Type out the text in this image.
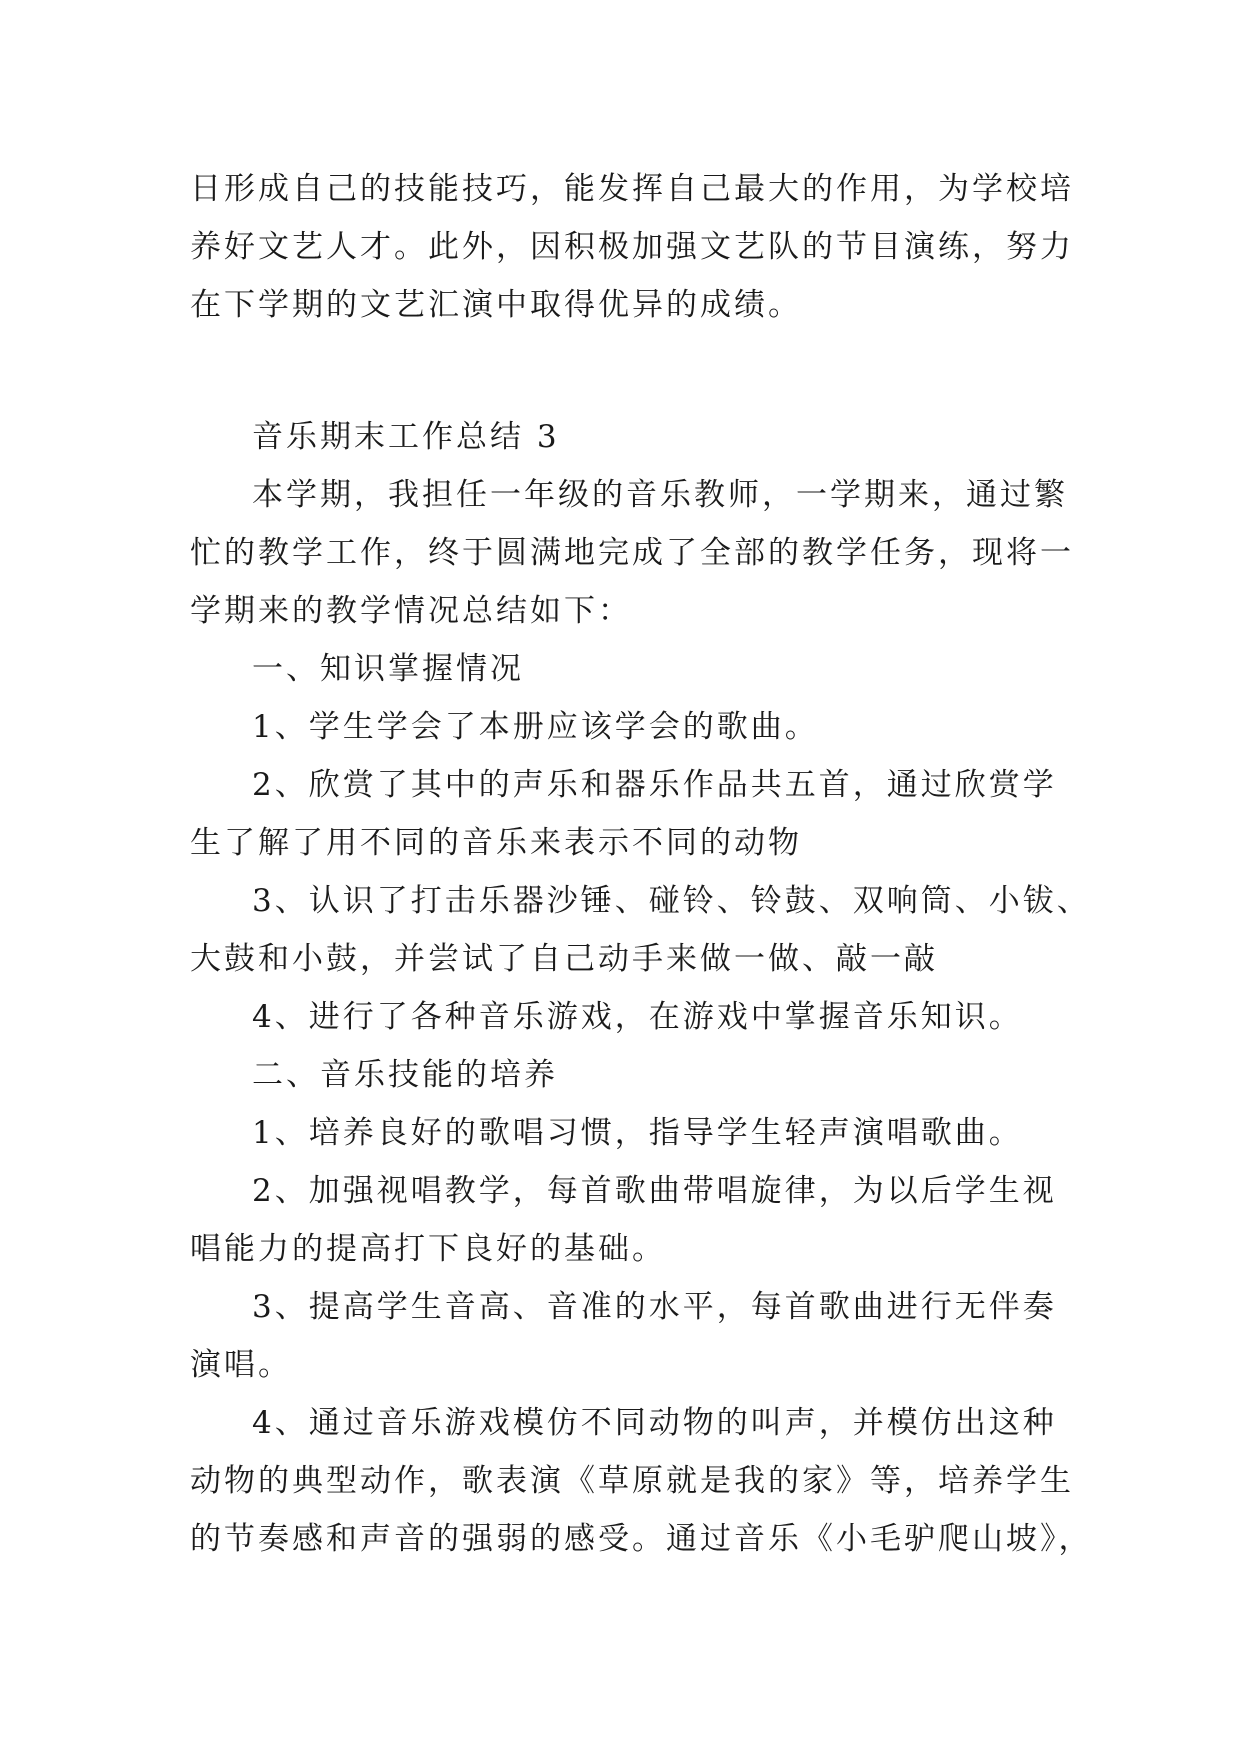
日形成自己的技能技巧，能发挥自己最大的作用，为学校培
养好文艺人才。此外，因积极加强文艺队的节目演练，努力
在下学期的文艺汇演中取得优异的成绩。
音乐期末工作总结 3
本学期，我担任一年级的音乐教师，一学期来，通过繁
忙的教学工作，终于圆满地完成了全部的教学任务，现将一
学期来的教学情况总结如下：
一、知识掌握情况
1、学生学会了本册应该学会的歌曲。
2、欣赏了其中的声乐和器乐作品共五首，通过欣赏学
生了解了用不同的音乐来表示不同的动物
3、认识了打击乐器沙锤、碰铃、铃鼓、双响筒、小钹、
大鼓和小鼓，并尝试了自己动手来做一做、敲一敲
4、进行了各种音乐游戏，在游戏中掌握音乐知识。
二、音乐技能的培养
1、培养良好的歌唱习惯，指导学生轻声演唱歌曲。
2、加强视唱教学，每首歌曲带唱旋律，为以后学生视
唱能力的提高打下良好的基础。
3、提高学生音高、音准的水平，每首歌曲进行无伴奏
演唱。
4、通过音乐游戏模仿不同动物的叫声，并模仿出这种
动物的典型动作，歌表演《草原就是我的家》等，培养学生
的节奏感和声音的强弱的感受。通过音乐《小毛驴爬山坡》，
